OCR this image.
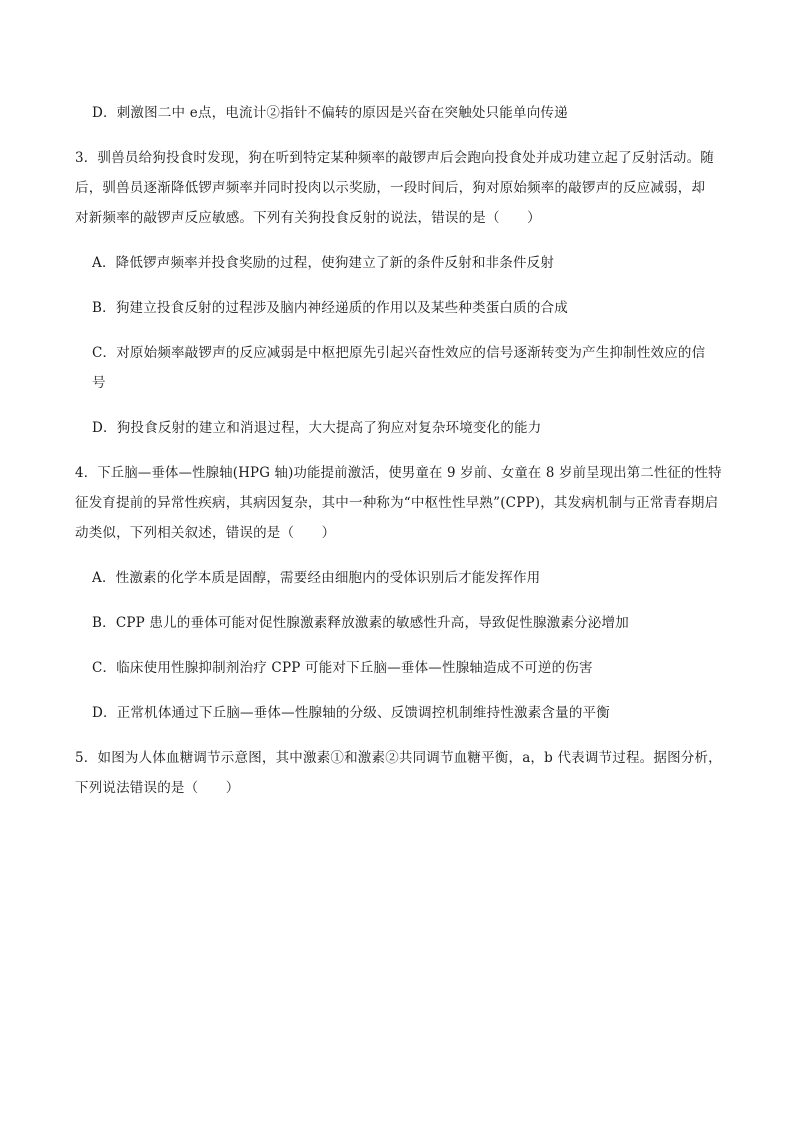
D．刺激图二中 e点，电流计②指针不偏转的原因是兴奋在突触处只能单向传递
3．驯兽员给狗投食时发现，狗在听到特定某种频率的敲锣声后会跑向投食处并成功建立起了反射活动。随
后，驯兽员逐渐降低锣声频率并同时投肉以示奖励，一段时间后，狗对原始频率的敲锣声的反应减弱，却
对新频率的敲锣声反应敏感。下列有关狗投食反射的说法，错误的是（　　）
A．降低锣声频率并投食奖励的过程，使狗建立了新的条件反射和非条件反射
B．狗建立投食反射的过程涉及脑内神经递质的作用以及某些种类蛋白质的合成
C．对原始频率敲锣声的反应减弱是中枢把原先引起兴奋性效应的信号逐渐转变为产生抑制性效应的信
号
D．狗投食反射的建立和消退过程，大大提高了狗应对复杂环境变化的能力
4．下丘脑—垂体—性腺轴(HPG 轴)功能提前激活，使男童在 9 岁前、女童在 8 岁前呈现出第二性征的性特
征发育提前的异常性疾病，其病因复杂，其中一种称为“中枢性性早熟”(CPP)，其发病机制与正常青春期启
动类似，下列相关叙述，错误的是（　　）
A．性激素的化学本质是固醇，需要经由细胞内的受体识别后才能发挥作用
B．CPP 患儿的垂体可能对促性腺激素释放激素的敏感性升高，导致促性腺激素分泌增加
C．临床使用性腺抑制剂治疗 CPP 可能对下丘脑—垂体—性腺轴造成不可逆的伤害
D．正常机体通过下丘脑—垂体—性腺轴的分级、反馈调控机制维持性激素含量的平衡
5．如图为人体血糖调节示意图，其中激素①和激素②共同调节血糖平衡，a，b 代表调节过程。据图分析，
下列说法错误的是（　　）
